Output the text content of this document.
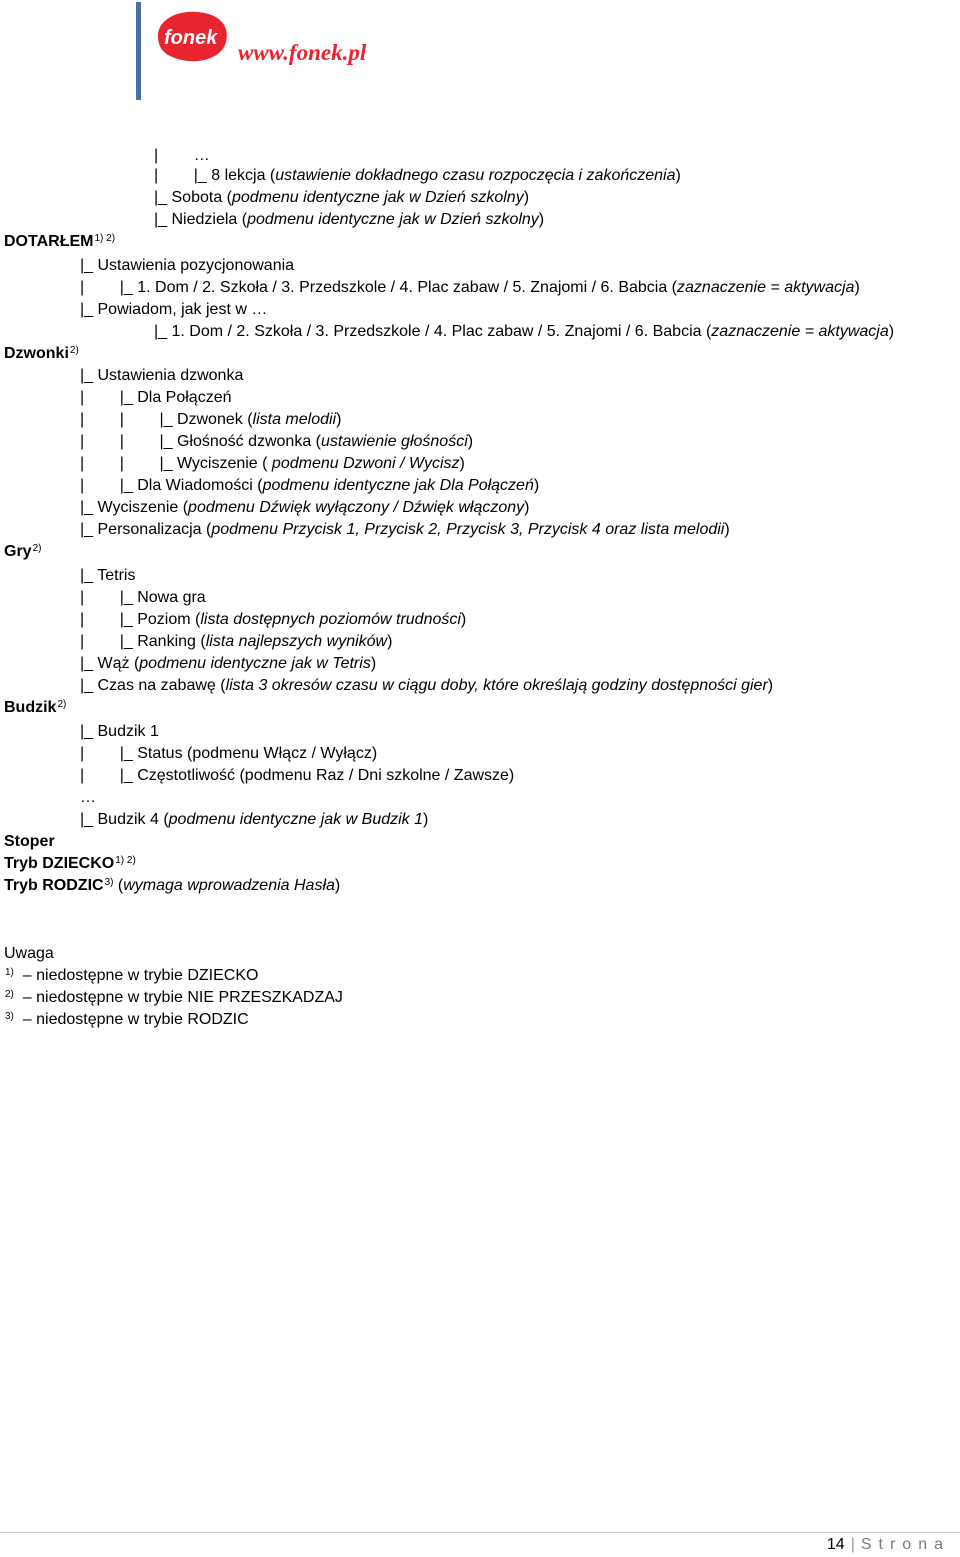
fonek
www.fonek.pl
|        …
|        |_ 8 lekcja (ustawienie dokładnego czasu rozpoczęcia i zakończenia)
|_ Sobota (podmenu identyczne jak w Dzień szkolny)
|_ Niedziela (podmenu identyczne jak w Dzień szkolny)
$DOTARŁEM^{1) 2)}$
|_ Ustawienia pozycjonowania
|        |_ 1. Dom / 2. Szkoła / 3. Przedszkole / 4. Plac zabaw / 5. Znajomi / 6. Babcia (zaznaczenie = aktywacja)
|_ Powiadom, jak jest w …
|_ 1. Dom / 2. Szkoła / 3. Przedszkole / 4. Plac zabaw / 5. Znajomi / 6. Babcia (zaznaczenie = aktywacja)
Dzwonki$^{2)}$
|_ Ustawienia dzwonka
|        |_ Dla Połączeń
|        |        |_ Dzwonek (lista melodii)
|        |        |_ Głośność dzwonka (ustawienie głośności)
|        |        |_ Wyciszenie ( podmenu Dzwoni / Wycisz)
|        |_ Dla Wiadomości (podmenu identyczne jak Dla Połączeń)
|_ Wyciszenie (podmenu Dźwięk wyłączony / Dźwięk włączony)
|_ Personalizacja (podmenu Przycisk 1, Przycisk 2, Przycisk 3, Przycisk 4 oraz lista melodii)
Gry$^{2)}$
|_ Tetris
|        |_ Nowa gra
|        |_ Poziom (lista dostępnych poziomów trudności)
|        |_ Ranking (lista najlepszych wyników)
|_ Wąż (podmenu identyczne jak w Tetris)
|_ Czas na zabawę (lista 3 okresów czasu w ciągu doby, które określają godziny dostępności gier)
Budzik$^{2)}$
|_ Budzik 1
|        |_ Status (podmenu Włącz / Wyłącz)
|        |_ Częstotliwość (podmenu Raz / Dni szkolne / Zawsze)
…
|_ Budzik 4 (podmenu identyczne jak w Budzik 1)
Stoper
Tryb $DZIECKO^{1) 2)}$
Tryb RODZIC$^{3)}$ (wymaga wprowadzenia Hasła)
Uwaga
$^{1)}$  – niedostępne w trybie DZIECKO
$^{2)}$  – niedostępne w trybie NIE PRZESZKADZAJ
$^{3)}$  – niedostępne w trybie RODZIC
14 | Strona
